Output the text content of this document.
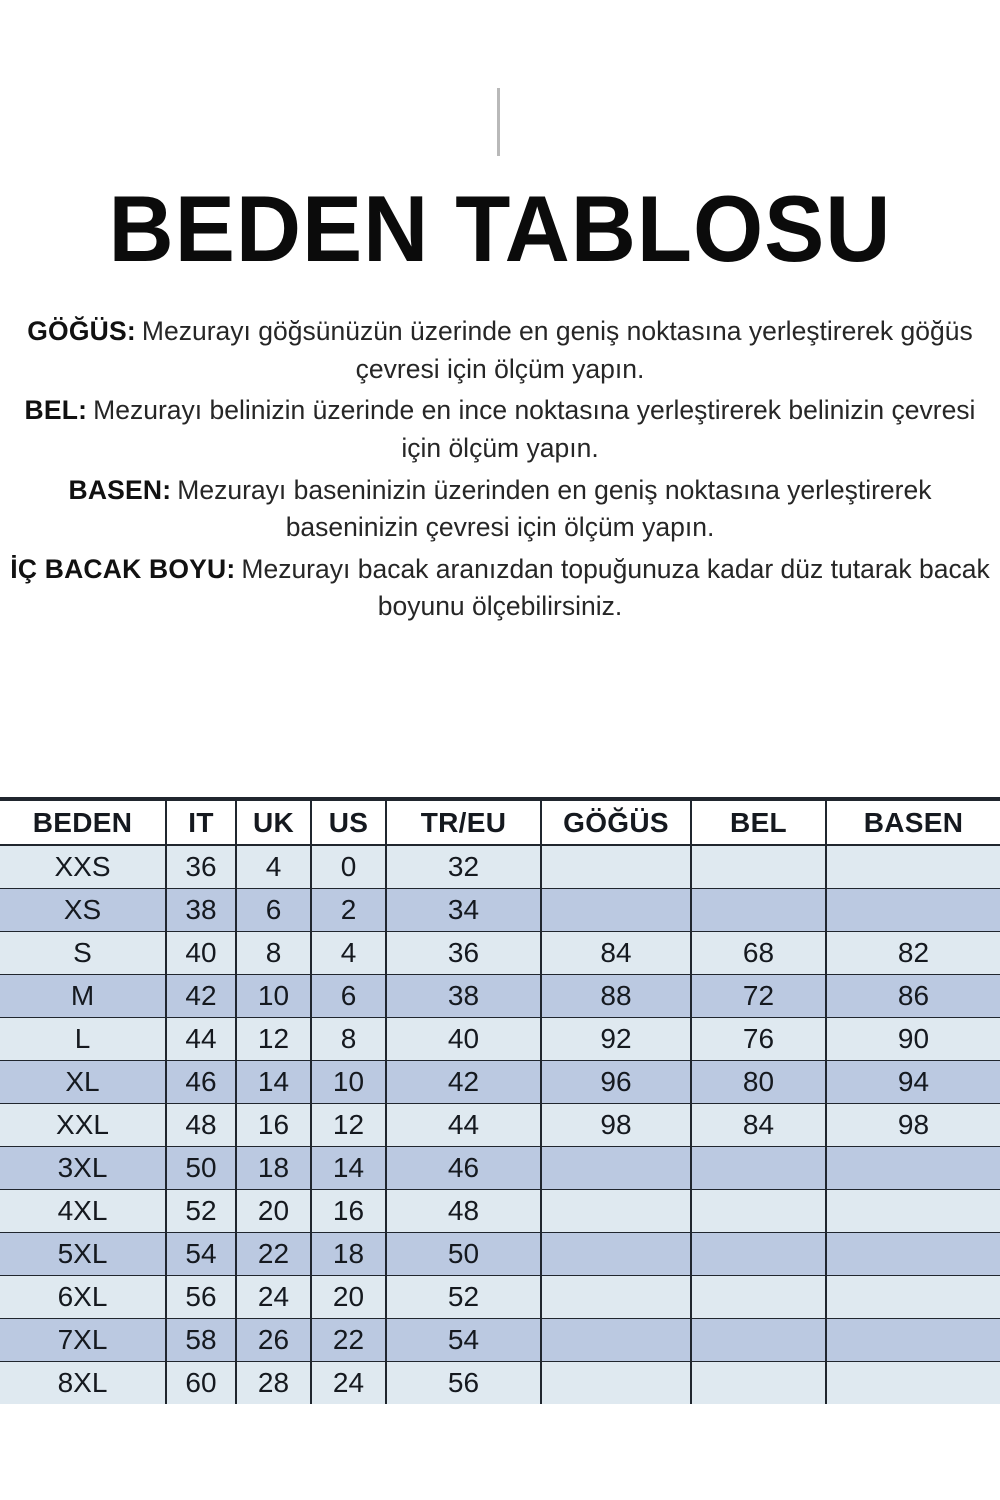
BEDEN TABLOSU

GÖĞÜS: Mezurayı göğsünüzün üzerinde en geniş noktasına yerleştirerek göğüs çevresi için ölçüm yapın.

BEL: Mezurayı belinizin üzerinde en ince noktasına yerleştirerek belinizin çevresi için ölçüm yapın.

BASEN: Mezurayı baseninizin üzerinden en geniş noktasına yerleştirerek baseninizin çevresi için ölçüm yapın.

İÇ BACAK BOYU: Mezurayı bacak aranızdan topuğunuza kadar düz tutarak bacak boyunu ölçebilirsiniz.

BEDEN	IT	UK	US	TR/EU	GÖĞÜS	BEL	BASEN
XXS	36	4	0	32			
XS	38	6	2	34			
S	40	8	4	36	84	68	82
M	42	10	6	38	88	72	86
L	44	12	8	40	92	76	90
XL	46	14	10	42	96	80	94
XXL	48	16	12	44	98	84	98
3XL	50	18	14	46			
4XL	52	20	16	48			
5XL	54	22	18	50			
6XL	56	24	20	52			
7XL	58	26	22	54			
8XL	60	28	24	56			
